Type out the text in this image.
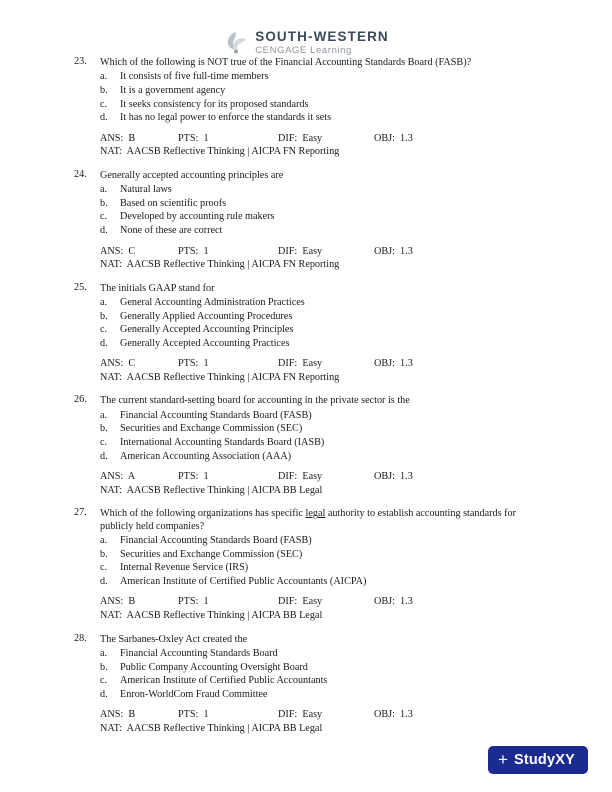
SOUTH-WESTERN
CENGAGE Learning
23.	Which of the following is NOT true of the Financial Accounting Standards Board (FASB)?
a.	It consists of five full-time members
b.	It is a government agency
c.	It seeks consistency for its proposed standards
d.	It has no legal power to enforce the standards it sets
ANS: B	PTS: 1	DIF: Easy	OBJ: 1.3
NAT: AACSB Reflective Thinking | AICPA FN Reporting
24.	Generally accepted accounting principles are
a.	Natural laws
b.	Based on scientific proofs
c.	Developed by accounting rule makers
d.	None of these are correct
ANS: C	PTS: 1	DIF: Easy	OBJ: 1.3
NAT: AACSB Reflective Thinking | AICPA FN Reporting
25.	The initials GAAP stand for
a.	General Accounting Administration Practices
b.	Generally Applied Accounting Procedures
c.	Generally Accepted Accounting Principles
d.	Generally Accepted Accounting Practices
ANS: C	PTS: 1	DIF: Easy	OBJ: 1.3
NAT: AACSB Reflective Thinking | AICPA FN Reporting
26.	The current standard-setting board for accounting in the private sector is the
a.	Financial Accounting Standards Board (FASB)
b.	Securities and Exchange Commission (SEC)
c.	International Accounting Standards Board (IASB)
d.	American Accounting Association (AAA)
ANS: A	PTS: 1	DIF: Easy	OBJ: 1.3
NAT: AACSB Reflective Thinking | AICPA BB Legal
27.	Which of the following organizations has specific legal authority to establish accounting standards for publicly held companies?
a.	Financial Accounting Standards Board (FASB)
b.	Securities and Exchange Commission (SEC)
c.	Internal Revenue Service (IRS)
d.	American Institute of Certified Public Accountants (AICPA)
ANS: B	PTS: 1	DIF: Easy	OBJ: 1.3
NAT: AACSB Reflective Thinking | AICPA BB Legal
28.	The Sarbanes-Oxley Act created the
a.	Financial Accounting Standards Board
b.	Public Company Accounting Oversight Board
c.	American Institute of Certified Public Accountants
d.	Enron-WorldCom Fraud Committee
ANS: B	PTS: 1	DIF: Easy	OBJ: 1.3
NAT: AACSB Reflective Thinking | AICPA BB Legal
+ StudyXY
